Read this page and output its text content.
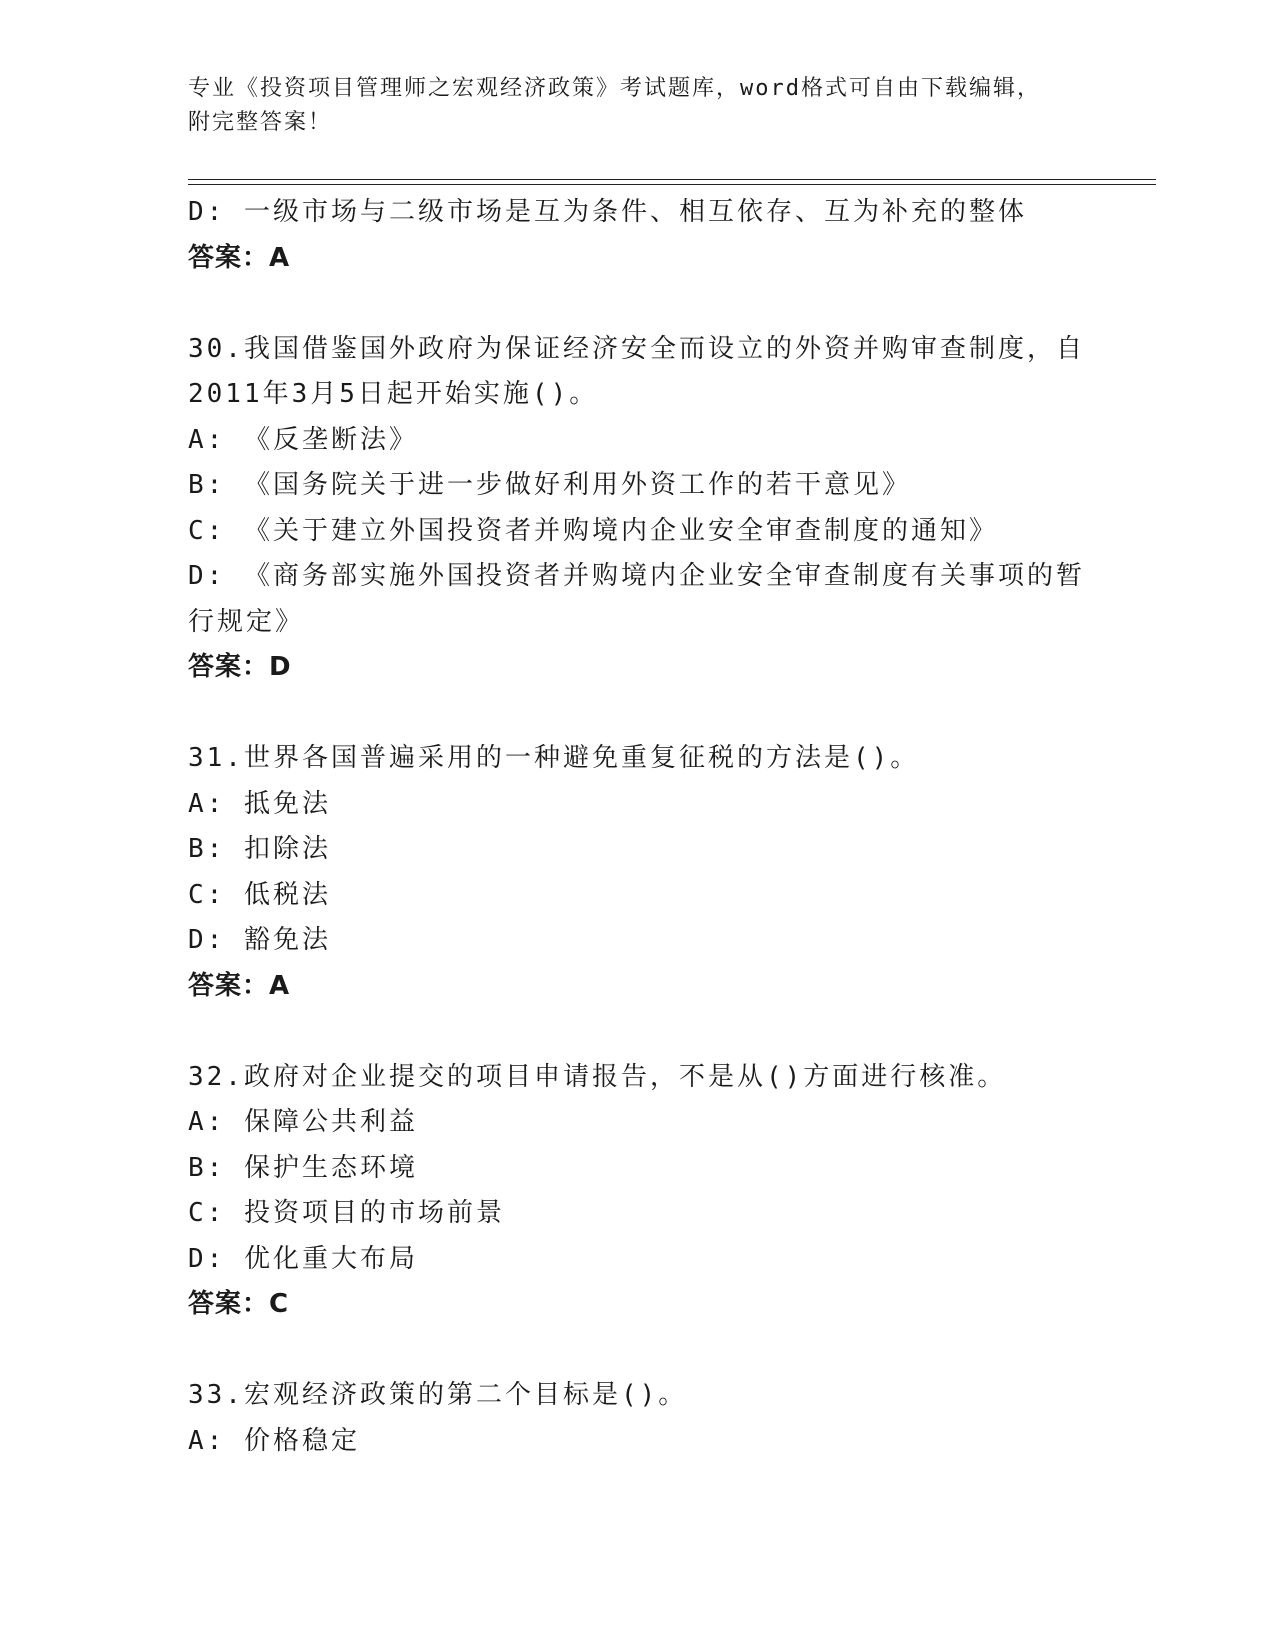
专业《投资项目管理师之宏观经济政策》考试题库，word格式可自由下载编辑，
附完整答案！
D: 一级市场与二级市场是互为条件、相互依存、互为补充的整体
答案：A
30.我国借鉴国外政府为保证经济安全而设立的外资并购审查制度，自
2011年3月5日起开始实施()。
A: 《反垄断法》
B: 《国务院关于进一步做好利用外资工作的若干意见》
C: 《关于建立外国投资者并购境内企业安全审查制度的通知》
D: 《商务部实施外国投资者并购境内企业安全审查制度有关事项的暂
行规定》
答案：D
31.世界各国普遍采用的一种避免重复征税的方法是()。
A: 抵免法
B: 扣除法
C: 低税法
D: 豁免法
答案：A
32.政府对企业提交的项目申请报告，不是从()方面进行核准。
A: 保障公共利益
B: 保护生态环境
C: 投资项目的市场前景
D: 优化重大布局
答案：C
33.宏观经济政策的第二个目标是()。
A: 价格稳定
